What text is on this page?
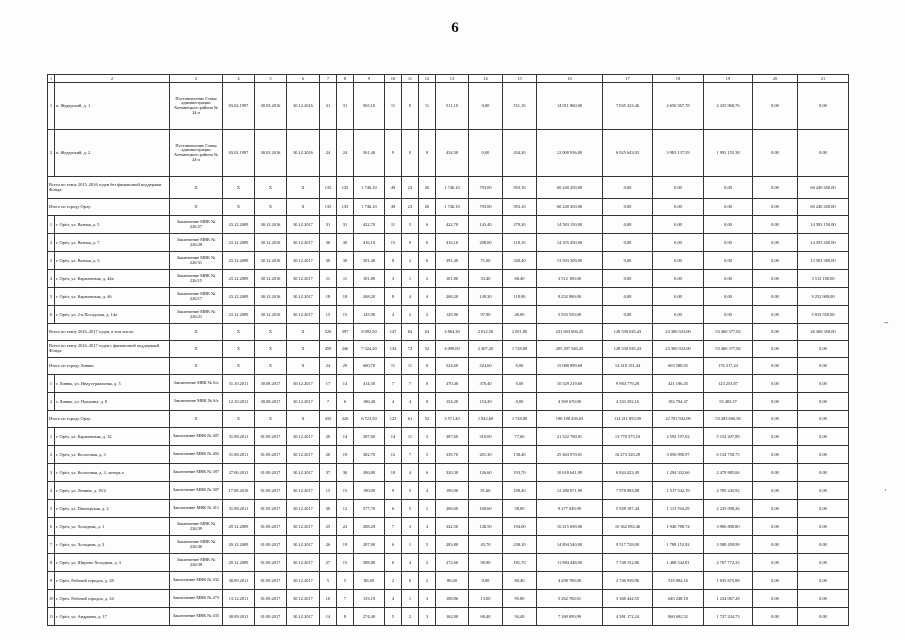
6
1	2	3	4	5	6	7	8	9	10	11	12	13	14	15	16	17	18	19	20	21
1	п. Жудерский, д. 1	Постановление Главы администрации Хотынецкого района № 24-а	03.02.1997	30.03.2016	30.12.2016	31	31	565,10	11	0	11	511,10	0,00	511,10	14 011 860,00	7 035 323,46	4 650 567,78	2 325 968,76	0,00	0,00
2	п. Жудерский, д. 2	Постановление Главы администрации Хотынецкого района № 24-а	03.02.1997	30.03.2016	30.12.2016	24	24	561,40	9	0	9	434,30	0,00	434,30	12 000 936,00	6 025 643,03	3 983 137,59	1 992 155,38	0,00	0,00
Всего по этапу 2015–2016 годов без финансовой поддержки Фонда:		X	X	X	X	135	135	1 746,10	49	23	26	1 746,10	793,00	953,10	60 240 450,00	0,00	0,00	0,00	0,00	60 240 450,00
Итого по городу Орлу:		X	X	X	X	135	135	1 746,10	49	23	26	1 746,10	793,00	953,10	60 240 450,00	0,00	0,00	0,00	0,00	60 240 450,00
1	г. Орёл, ул. Ватная, д. 5	Заключение МВК № 226/27	23.12.2009	30.12.2016	30.12.2017	31	31	422,70	11	5	6	422,70	143,40	279,30	14 583 150,00	0,00	0,00	0,00	0,00	14 583 150,00
2	г. Орёл, ул. Ватная, д. 7	Заключение МВК № 226/28	23.12.2009	30.12.2016	30.12.2017	30	30	416,10	15	9	6	416,10	298,00	118,10	14 355 450,00	0,00	0,00	0,00	0,00	14 355 450,00
3	г. Орёл, ул. Ватная, д. 3	Заключение МВК № 226/31	23.12.2009	30.12.2016	30.12.2017	30	30	391,40	8	2	6	391,40	71,00	320,40	13 503 300,00	0,00	0,00	0,00	0,00	13 503 300,00
4	г. Орёл, ул. Карачевская, д. 44а	Заключение МВК № 226/15	23.12.2009	30.12.2016	30.12.2017	11	11	101,80	3	1	2	101,80	33,40	68,40	3 512 100,00	0,00	0,00	0,00	0,00	3 512 100,00
5	г. Орёл, ул. Карачевская, д. 46	Заключение МВК № 226/17	23.12.2009	30.12.2016	30.12.2017	18	18	268,20	8	4	4	268,20	149,30	118,90	9 252 900,00	0,00	0,00	0,00	0,00	9 252 900,00
6	г. Орёл, ул. 2-я Посадская, д. 14а	Заключение МВК № 226/21	23.12.2009	30.12.2016	30.12.2017	15	15	145,90	4	2	2	145,90	97,90	48,00	5 033 550,00	0,00	0,00	0,00	0,00	5 033 550,00
Всего по этапу 2016–2017 годов, в том числе:		X	X	X	X	520	397	8 092,50	147	84	63	4 864,30	2 812,50	2 051,80	231 603 694,25	128 530 045,43	23 306 923,00	53 460 377,82	0,00	26 306 350,00
Всего по этапу 2016–2017 годов с финансовой поддержкой Фонда:		X	X	X	X	459	246	7 324,20	134	72	52	4 090,00	2 307,20	1 728,80	205 297 346,25	128 530 045,43	23 306 923,00	53 460 377,82	0,00	0,00
Итого по городу Ливны:		X	X	X	X	24	29	600,70	11	11	0	524,60	524,60	0,00	15 088 889,60	14 318 191,44	603 580,92	176 317,24	0,00	0,00
1	г. Ливны, ул. Индустриальная, д. 3	Заключение МВК № 6/а	31.10.2011	30.08.2017	30.12.2017	17	14	414,30	7	7	0	370,40	370,40	0,00	10 529 219,60	9 984 779,28	421 186,45	123 253,87	0,00	0,00
2	г. Ливны, ул. Пушкина, д. 8	Заключение МВК № 6/а	12.10.2011	30.08.2017	30.12.2017	7	6	186,40	4	4	0	154,20	154,20	0,00	4 569 670,00	4 333 392,16	182 794,47	53 483,37	0,00	0,00
Итого по городу Орлу:		X	X	X	X	435	226	6 723,50	123	61	52	3 571,40	1 842,60	1 728,80	190 198 456,65	114 211 853,99	22 703 942,08	53 283 660,58	0,00	0,00
1	г. Орёл, ул. Карачевская, д. 32	Заключение МВК № 407	31.08.2011	01.09.2017	30.12.2017	20	14	387,60	14	11	3	387,60	310,00	77,60	21 522 780,01	13 778 375,10	2 592 197,02	5 152 207,89	0,00	0,00
2	г. Орёл, ул. Колхозная, д. 3	Заключение МВК № 402	31.08.2011	01.09.2017	30.12.2017	20	19	382,70	12	7	5	339,70	201,30	138,40	25 463 070,01	16 273 320,29	3 056 990,97	6 134 758,75	0,00	0,00
3	г. Орёл, ул. Колхозная, д. 3, литера а	Заключение МВК № 397	27.06.2011	01.09.2017	30.12.2017	37	30	306,80	10	4	6	320,30	126,60	193,70	10 618 641,99	6 844 423,49	1 294 332,66	2 479 885,84	0,00	0,00
4	г. Орёл, ул. Ленина, д. 19/2	Заключение МВК № 307	17.09.2010	01.09.2017	30.12.2017	15	15	190,00	9	5	4	190,00	81,60	108,40	12 280 871,99	7 978 083,88	1 517 542,19	2 785 245,92	0,00	0,00
5	г. Орёл, ул. Пионерская, д. 2	Заключение МВК № 411	31.08.2011	01.05.2017	30.12.2017	30	12	577,70	6	5	1	206,60	168,60	38,00	9 277 049,99	5 928 187,44	1 113 764,29	2 235 098,26	0,00	0,00
6	г. Орёл, ул. Холодная, д. 1	Заключение МВК № 226/39	29.12.2009	01.09.2017	30.12.2017	25	22	288,20	7	3	4	342,50	148,50	194,00	16 215 690,00	10 362 092,46	1 946 788,74	3 906 808,80	0,00	0,00
7	г. Орёл, ул. Холодная, д. 3	Заключение МВК № 226/40	29.12.2009	01.09.2017	30.12.2017	26	19	287,90	6	1	5	283,80	45,70	238,10	14 894 340,00	9 517 728,09	1 788 152,92	3 588 458,99	0,00	0,00
8	г. Орёл, ул. Широко-Холодная, д. 3	Заключение МВК № 226/38	29.12.2009	01.09.2017	30.12.2017	27	15	388,80	6	4	2	272,60	90,90	181,70	11 984 448,00	7 748 152,86	1 468 542,81	2 767 772,33	0,00	0,00
9	г. Орёл, Рабочий городок, д. 28	Заключение МВК № 432	30.09.2011	01.09.2017	30.12.2017	5	5	80,40	2	0	2	80,40	0,00	80,40	4 298 700,00	2 746 939,96	516 084,16	1 035 675,88	0,00	0,00
10	г. Орёл, Рабочий городок, д. 34	Заключение МВК № 473	13.12.2011	01.09.2017	30.12.2017	10	7	153,10	4	1	3	108,86	13,00	95,80	5 262 760,01	3 368 444,55	640 248,18	1 234 067,28	0,00	0,00
11	г. Орёл, ул. Андриева, д. 17	Заключение МВК № 435	30.09.2011	01.09.2017	30.12.2017	14	8	274,40	5	2	3	162,80	68,40	94,40	7 169 099,99	4 581 172,24	860 692,52	1 727 234,73	0,00	0,00
–
·
